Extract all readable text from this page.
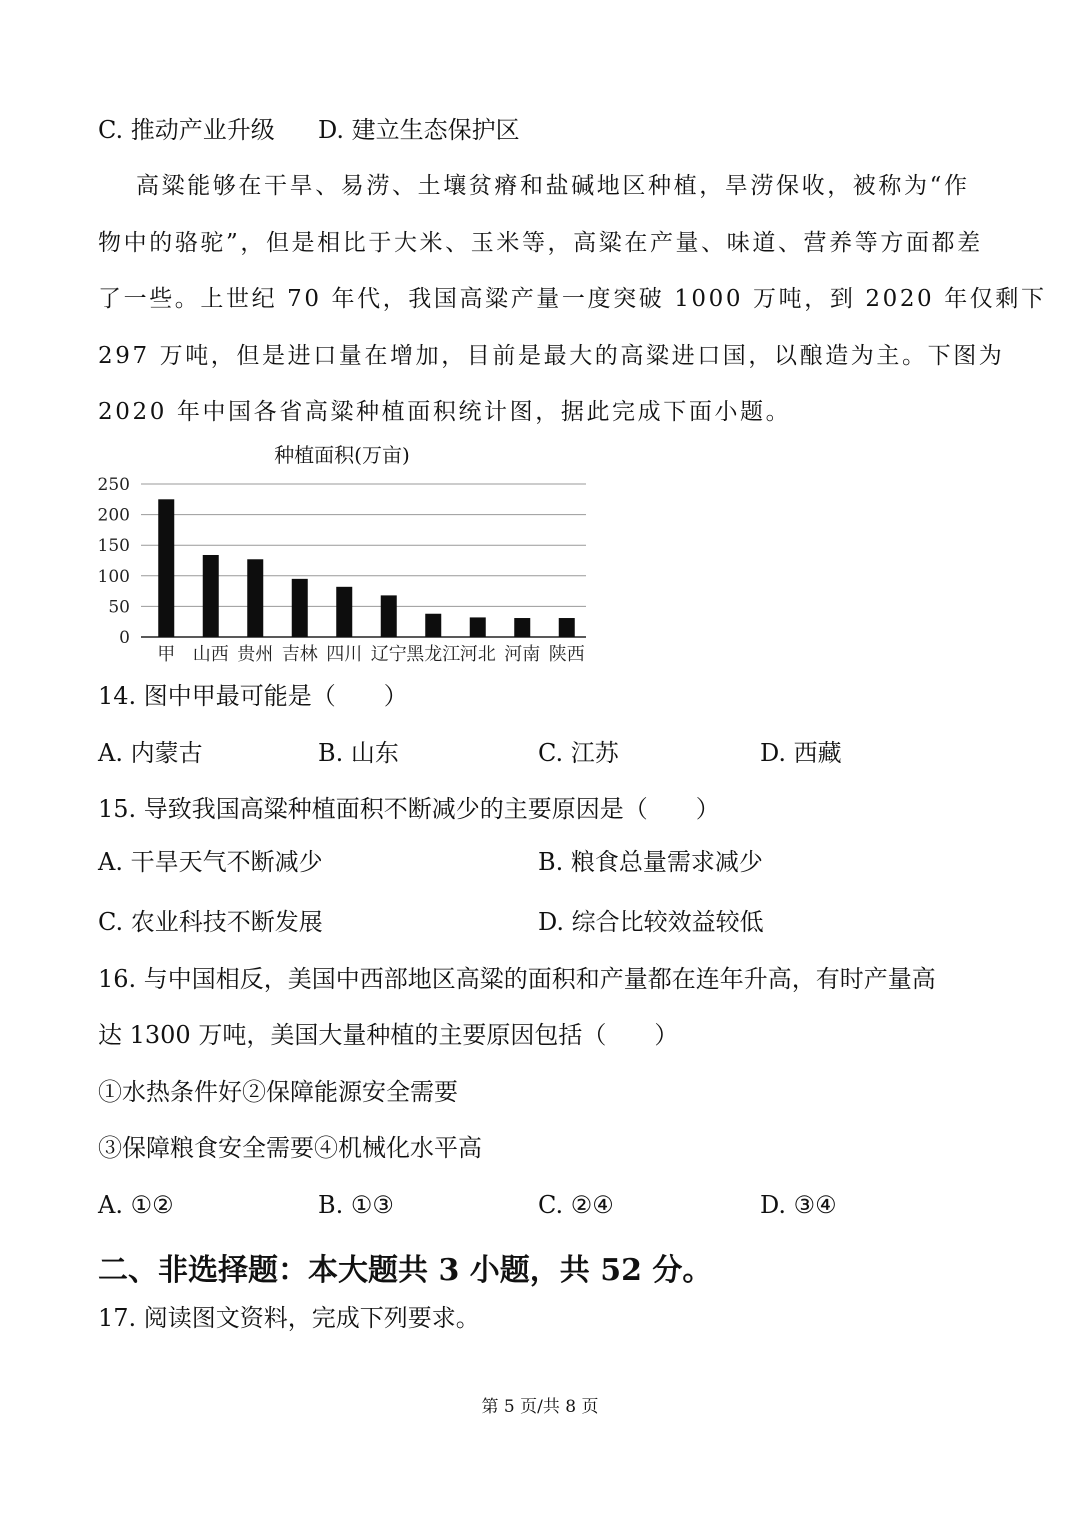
C. 推动产业升级 D. 建立生态保护区
高粱能够在干旱、易涝、土壤贫瘠和盐碱地区种植，旱涝保收，被称为“作
物中的骆驼”，但是相比于大米、玉米等，高粱在产量、味道、营养等方面都差
了一些。上世纪 70 年代，我国高粱产量一度突破 1000 万吨，到 2020 年仅剩下
297 万吨，但是进口量在增加，目前是最大的高粱进口国，以酿造为主。下图为
2020 年中国各省高粱种植面积统计图，据此完成下面小题。
种植面积(万亩)
0
50
100
150
200
250
甲 山西 贵州 吉林 四川 辽宁 黑龙江 河北 河南 陕西
14. 图中甲最可能是（　　）
A. 内蒙古	B. 山东	C. 江苏	D. 西藏
15. 导致我国高粱种植面积不断减少的主要原因是（　　）
A. 干旱天气不断减少	B. 粮食总量需求减少
C. 农业科技不断发展	D. 综合比较效益较低
16. 与中国相反，美国中西部地区高粱的面积和产量都在连年升高，有时产量高
达 1300 万吨，美国大量种植的主要原因包括（　　）
①水热条件好②保障能源安全需要
③保障粮食安全需要④机械化水平高
A. ①②	B. ①③	C. ②④	D. ③④
二、非选择题：本大题共 3 小题，共 52 分。
17. 阅读图文资料，完成下列要求。
第 5 页/共 8 页
